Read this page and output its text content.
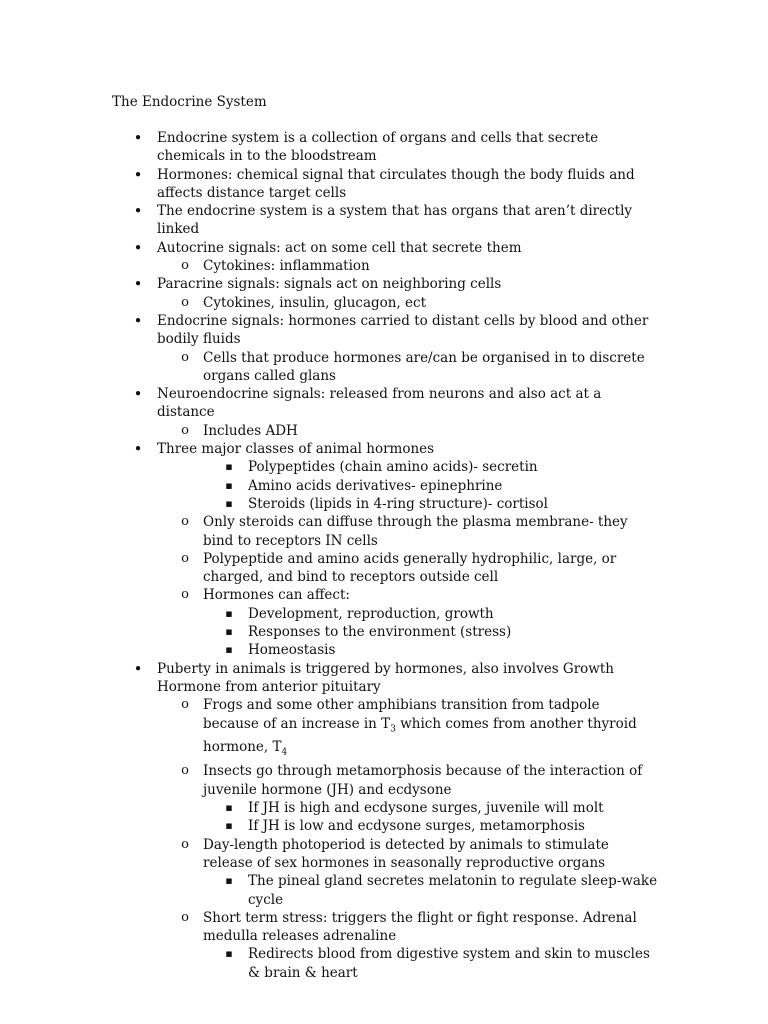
The Endocrine System
• Endocrine system is a collection of organs and cells that secrete chemicals in to the bloodstream
• Hormones: chemical signal that circulates though the body fluids and affects distance target cells
• The endocrine system is a system that has organs that aren’t directly linked
• Autocrine signals: act on some cell that secrete them
o Cytokines: inflammation
• Paracrine signals: signals act on neighboring cells
o Cytokines, insulin, glucagon, ect
• Endocrine signals: hormones carried to distant cells by blood and other bodily fluids
o Cells that produce hormones are/can be organised in to discrete organs called glans
• Neuroendocrine signals: released from neurons and also act at a distance
o Includes ADH
• Three major classes of animal hormones
▪ Polypeptides (chain amino acids)- secretin
▪ Amino acids derivatives- epinephrine
▪ Steroids (lipids in 4-ring structure)- cortisol
o Only steroids can diffuse through the plasma membrane- they bind to receptors IN cells
o Polypeptide and amino acids generally hydrophilic, large, or charged, and bind to receptors outside cell
o Hormones can affect:
▪ Development, reproduction, growth
▪ Responses to the environment (stress)
▪ Homeostasis
• Puberty in animals is triggered by hormones, also involves Growth Hormone from anterior pituitary
o Frogs and some other amphibians transition from tadpole because of an increase in $T_3$ which comes from another thyroid hormone, $T_4$
o Insects go through metamorphosis because of the interaction of juvenile hormone (JH) and ecdysone
▪ If JH is high and ecdysone surges, juvenile will molt
▪ If JH is low and ecdysone surges, metamorphosis
o Day-length photoperiod is detected by animals to stimulate release of sex hormones in seasonally reproductive organs
▪ The pineal gland secretes melatonin to regulate sleep-wake cycle
o Short term stress: triggers the flight or fight response. Adrenal medulla releases adrenaline
▪ Redirects blood from digestive system and skin to muscles & brain & heart
